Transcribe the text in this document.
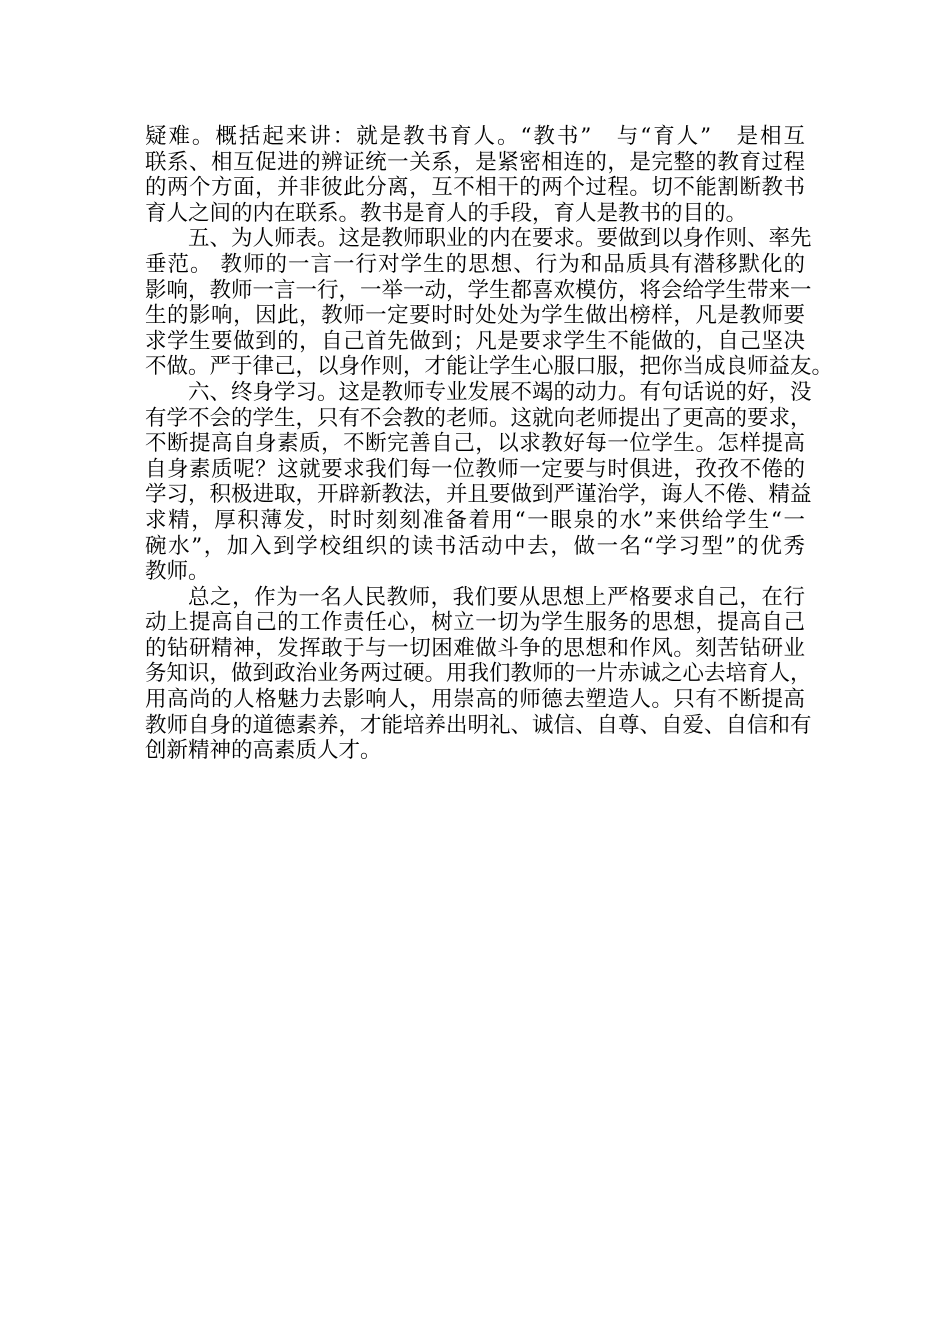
疑难。概括起来讲：就是教书育人。“教书”　与“育人”　是相互
联系、相互促进的辨证统一关系，是紧密相连的，是完整的教育过程
的两个方面，并非彼此分离，互不相干的两个过程。切不能割断教书
育人之间的内在联系。教书是育人的手段，育人是教书的目的。
五、为人师表。这是教师职业的内在要求。要做到以身作则、率先
垂范。 教师的一言一行对学生的思想、行为和品质具有潜移默化的
影响，教师一言一行，一举一动，学生都喜欢模仿，将会给学生带来一
生的影响，因此，教师一定要时时处处为学生做出榜样，凡是教师要
求学生要做到的，自己首先做到；凡是要求学生不能做的，自己坚决
不做。严于律己，以身作则，才能让学生心服口服，把你当成良师益友。
六、终身学习。这是教师专业发展不竭的动力。有句话说的好，没
有学不会的学生，只有不会教的老师。这就向老师提出了更高的要求，
不断提高自身素质，不断完善自己，以求教好每一位学生。怎样提高
自身素质呢？这就要求我们每一位教师一定要与时俱进，孜孜不倦的
学习，积极进取，开辟新教法，并且要做到严谨治学，诲人不倦、精益
求精，厚积薄发，时时刻刻准备着用“一眼泉的水”来供给学生“一
碗水”，加入到学校组织的读书活动中去，做一名“学习型”的优秀
教师。
总之，作为一名人民教师，我们要从思想上严格要求自己，在行
动上提高自己的工作责任心，树立一切为学生服务的思想，提高自己
的钻研精神，发挥敢于与一切困难做斗争的思想和作风。刻苦钻研业
务知识，做到政治业务两过硬。用我们教师的一片赤诚之心去培育人，
用高尚的人格魅力去影响人，用崇高的师德去塑造人。只有不断提高
教师自身的道德素养，才能培养出明礼、诚信、自尊、自爱、自信和有
创新精神的高素质人才。
